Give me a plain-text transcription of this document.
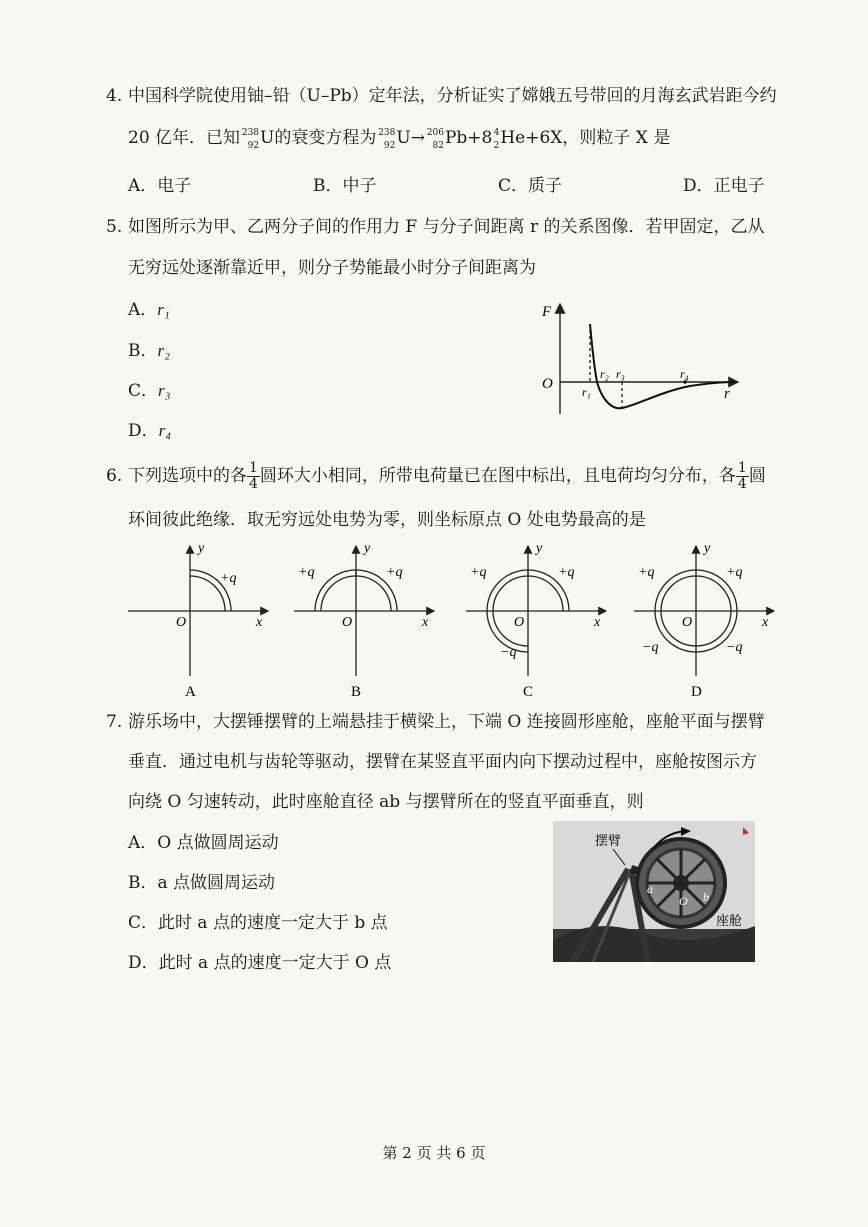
4. 中国科学院使用铀–铅（U–Pb）定年法，分析证实了嫦娥五号带回的月海玄武岩距今约
20 亿年．已知 238
92 U的衰变方程为 238
92 U→ 206
82 Pb+8 4
2 He+6X，则粒子 X 是
A．电子	B．中子	C．质子	D．正电子
5. 如图所示为甲、乙两分子间的作用力 F 与分子间距离 r 的关系图像．若甲固定，乙从
无穷远处逐渐靠近甲，则分子势能最小时分子间距离为
A．r₁
B．r₂
C．r₃
D．r₄
F
O
r
r₁
r₂ r₃	r₄
6. 下列选项中的各 $\frac{1}{4}$ 圆环大小相同，所带电荷量已在图中标出，且电荷均匀分布，各 $\frac{1}{4}$ 圆
环间彼此绝缘．取无穷远处电势为零，则坐标原点 O 处电势最高的是
y
x
O
+q
A
y
x
O
+q	+q
B
y
x
O
+q	+q
−q
C
y
x
O
+q	+q
−q	−q
D
7. 游乐场中，大摆锤摆臂的上端悬挂于横梁上，下端 O 连接圆形座舱，座舱平面与摆臂
垂直．通过电机与齿轮等驱动，摆臂在某竖直平面内向下摆动过程中，座舱按图示方
向绕 O 匀速转动，此时座舱直径 ab 与摆臂所在的竖直平面垂直，则
A．O 点做圆周运动
B．a 点做圆周运动
C．此时 a 点的速度一定大于 b 点
D．此时 a 点的速度一定大于 O 点
摆臂
座舱
a
O b
第 2 页 共 6 页
